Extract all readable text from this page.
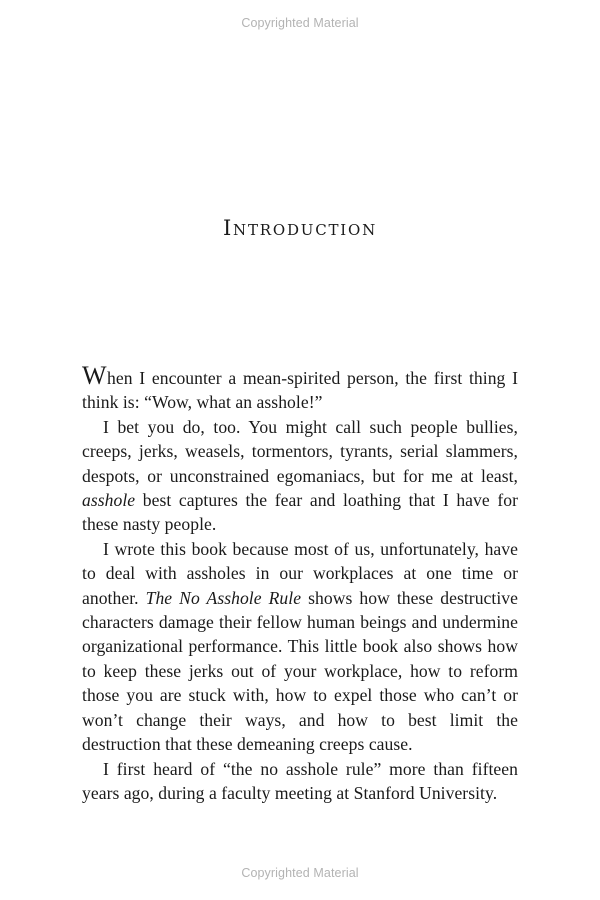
Copyrighted Material
Introduction

When I encounter a mean-spirited person, the first thing I think is: “Wow, what an asshole!”

I bet you do, too. You might call such people bullies, creeps, jerks, weasels, tormentors, tyrants, serial slammers, despots, or unconstrained egomaniacs, but for me at least, asshole best captures the fear and loathing that I have for these nasty people.

I wrote this book because most of us, unfortunately, have to deal with assholes in our workplaces at one time or another. The No Asshole Rule shows how these destructive characters damage their fellow human beings and undermine organizational performance. This little book also shows how to keep these jerks out of your workplace, how to reform those you are stuck with, how to expel those who can’t or won’t change their ways, and how to best limit the destruction that these demeaning creeps cause.

I first heard of “the no asshole rule” more than fifteen years ago, during a faculty meeting at Stanford University.

Copyrighted Material
